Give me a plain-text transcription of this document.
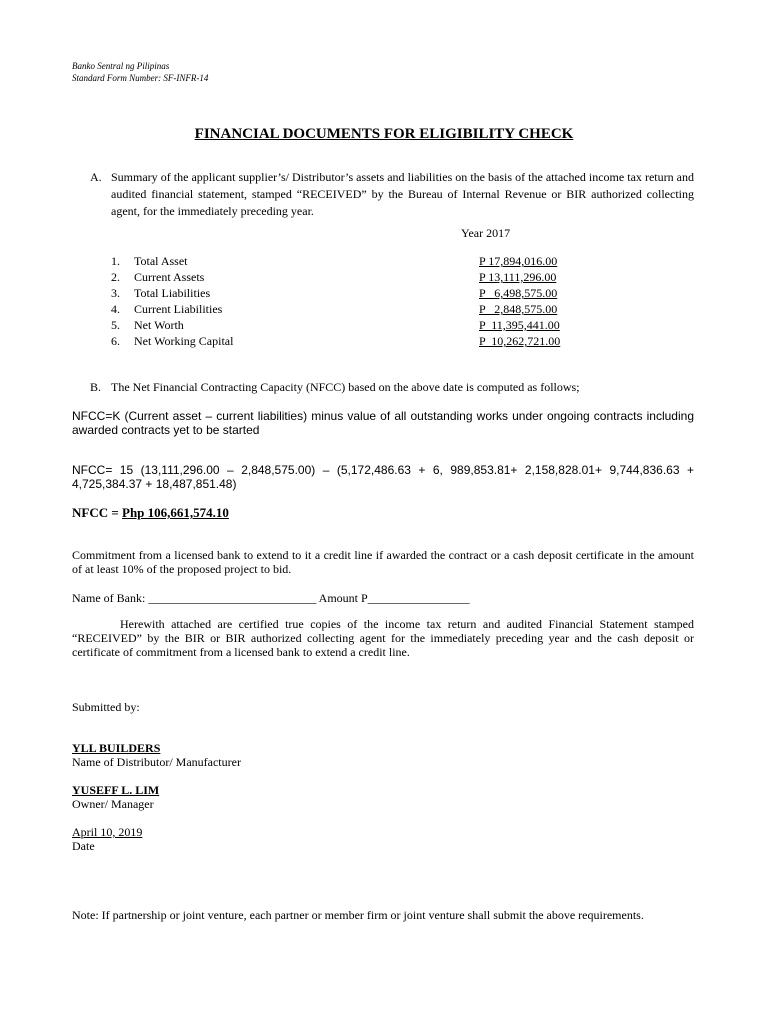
Banko Sentral ng Pilipinas
Standard Form Number: SF-INFR-14
FINANCIAL DOCUMENTS FOR ELIGIBILITY CHECK
A. Summary of the applicant supplier’s/ Distributor’s assets and liabilities on the basis of the attached income tax return and audited financial statement, stamped “RECEIVED” by the Bureau of Internal Revenue or BIR authorized collecting agent, for the immediately preceding year.
Year 2017
1. Total Asset	P 17,894,016.00
2. Current Assets	P 13,111,296.00
3. Total Liabilities	P   6,498,575.00
4. Current Liabilities	P   2,848,575.00
5. Net Worth	P  11,395,441.00
6. Net Working Capital	P  10,262,721.00
B. The Net Financial Contracting Capacity (NFCC) based on the above date is computed as follows;
NFCC=K (Current asset – current liabilities) minus value of all outstanding works under ongoing contracts including awarded contracts yet to be started
NFCC= 15 (13,111,296.00 – 2,848,575.00) – (5,172,486.63 + 6, 989,853.81+ 2,158,828.01+ 9,744,836.63 + 4,725,384.37 + 18,487,851.48)
NFCC = Php 106,661,574.10
Commitment from a licensed bank to extend to it a credit line if awarded the contract or a cash deposit certificate in the amount of at least 10% of the proposed project to bid.
Name of Bank: ____________________________ Amount P_________________
Herewith attached are certified true copies of the income tax return and audited Financial Statement stamped “RECEIVED” by the BIR or BIR authorized collecting agent for the immediately preceding year and the cash deposit or certificate of commitment from a licensed bank to extend a credit line.
Submitted by:
YLL BUILDERS
Name of Distributor/ Manufacturer
YUSEFF L. LIM
Owner/ Manager
April 10, 2019
Date
Note: If partnership or joint venture, each partner or member firm or joint venture shall submit the above requirements.
